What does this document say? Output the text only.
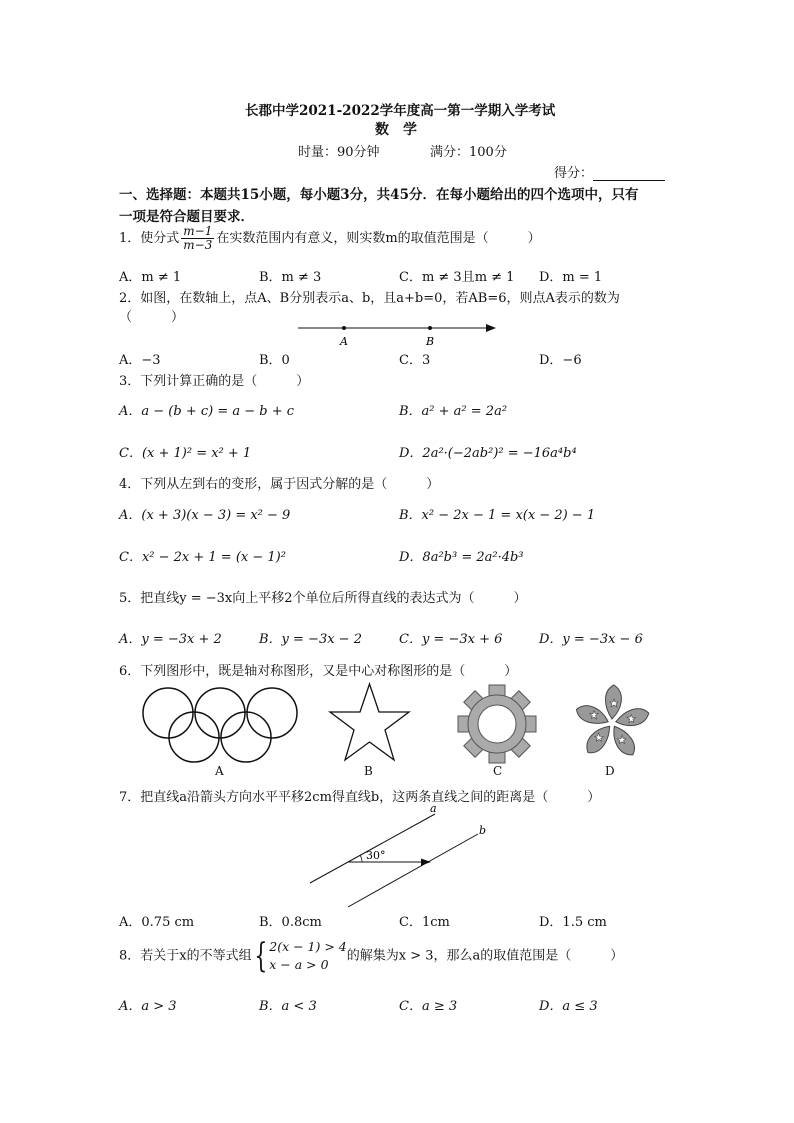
长郡中学2021-2022学年度高一第一学期入学考试
数　学
时量：90分钟	满分：100分
得分：
一、选择题：本题共15小题，每小题3分，共45分．在每小题给出的四个选项中，只有
一项是符合题目要求．
1．使分式 $\frac{m-1}{m-3}$ 在实数范围内有意义，则实数m的取值范围是（　　　）
A．m ≠ 1	B．m ≠ 3	C．m ≠ 3且m ≠ 1 D．m = 1
2．如图，在数轴上，点A、B分别表示a、b，且a+b=0，若AB=6，则点A表示的数为
（　　　）
A	B
A．−3	B．0	C．3	D．−6
3．下列计算正确的是（　　　）
A．a − (b + c) = a − b + c	B．a² + a² = 2a²
C．(x + 1)² = x² + 1	D．2a²·(−2ab²)² = −16a⁴b⁴
4．下列从左到右的变形，属于因式分解的是（　　　）
A．(x + 3)(x − 3) = x² − 9	B．x² − 2x − 1 = x(x − 2) − 1
C．x² − 2x + 1 = (x − 1)²	D．8a²b³ = 2a²·4b³
5．把直线y = −3x向上平移2个单位后所得直线的表达式为（　　　）
A．y = −3x + 2	B．y = −3x − 2	C．y = −3x + 6	D．y = −3x − 6
6．下列图形中，既是轴对称图形，又是中心对称图形的是（　　　）
A	B	C	D
7．把直线a沿箭头方向水平平移2cm得直线b，这两条直线之间的距离是（　　　）
a
b
30°
A．0.75 cm	B．0.8cm	C．1cm	D．1.5 cm
8．若关于x的不等式组{ 2(x − 1) > 4
x − a > 0
的解集为x > 3，那么a的取值范围是（　　　）
A．a > 3	B．a < 3	C．a ≥ 3	D．a ≤ 3
